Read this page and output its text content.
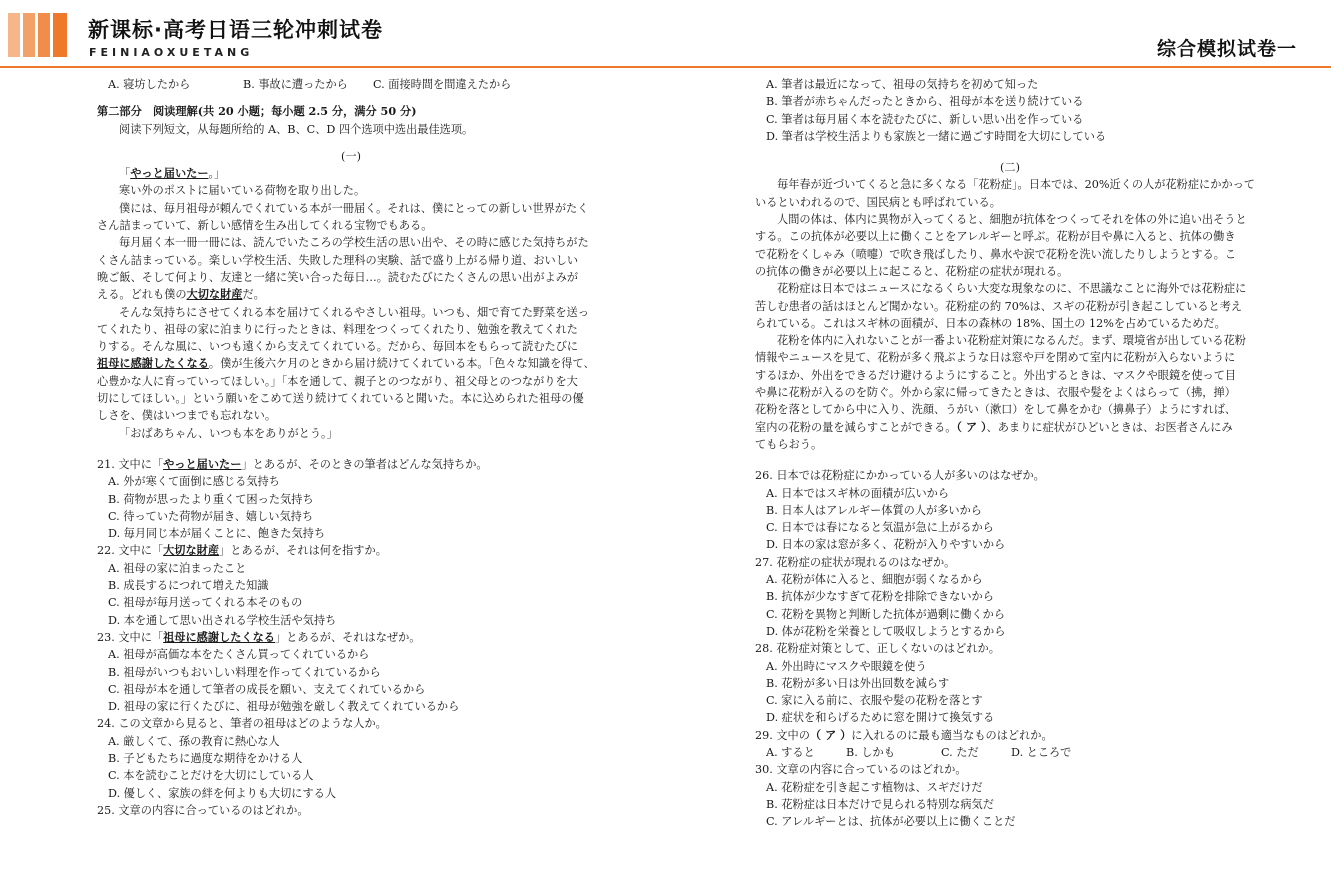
新课标·高考日语三轮冲刺试卷
FEINIAOXUETANG	综合模拟试卷一
A. 寝坊したから	B. 事故に遭ったから C. 面接時間を間違えたから
第二部分　阅读理解(共 20 小题；每小题 2.5 分，满分 50 分)
阅读下列短文，从每题所给的 A、B、C、D 四个选项中选出最佳选项。
(一)
「やっと届いたー。」
寒い外のポストに届いている荷物を取り出した。
僕には、毎月祖母が頼んでくれている本が一冊届く。それは、僕にとっての新しい世界がたく
さん詰まっていて、新しい感情を生み出してくれる宝物でもある。
毎月届く本一冊一冊には、読んでいたころの学校生活の思い出や、その時に感じた気持ちがた
くさん詰まっている。楽しい学校生活、失敗した理科の実験、話で盛り上がる帰り道、おいしい
晩ご飯、そして何より、友達と一緒に笑い合った毎日…。読むたびにたくさんの思い出がよみが
える。どれも僕の大切な財産だ。
そんな気持ちにさせてくれる本を届けてくれるやさしい祖母。いつも、畑で育てた野菜を送っ
てくれたり、祖母の家に泊まりに行ったときは、料理をつくってくれたり、勉強を教えてくれた
りする。そんな風に、いつも遠くから支えてくれている。だから、毎回本をもらって読むたびに
祖母に感謝したくなる。僕が生後六ケ月のときから届け続けてくれている本。「色々な知識を得て、
心豊かな人に育っていってほしい。」「本を通して、親子とのつながり、祖父母とのつながりを大
切にしてほしい。」という願いをこめて送り続けてくれていると聞いた。本に込められた祖母の優
しさを、僕はいつまでも忘れない。
「おばあちゃん、いつも本をありがとう。」
21. 文中に「やっと届いたー」とあるが、そのときの筆者はどんな気持ちか。
A. 外が寒くて面倒に感じる気持ち
B. 荷物が思ったより重くて困った気持ち
C. 待っていた荷物が届き、嬉しい気持ち
D. 毎月同じ本が届くことに、飽きた気持ち
22. 文中に「大切な財産」とあるが、それは何を指すか。
A. 祖母の家に泊まったこと
B. 成長するにつれて増えた知識
C. 祖母が毎月送ってくれる本そのもの
D. 本を通して思い出される学校生活や気持ち
23. 文中に「祖母に感謝したくなる」とあるが、それはなぜか。
A. 祖母が高価な本をたくさん買ってくれているから
B. 祖母がいつもおいしい料理を作ってくれているから
C. 祖母が本を通して筆者の成長を願い、支えてくれているから
D. 祖母の家に行くたびに、祖母が勉強を厳しく教えてくれているから
24. この文章から見ると、筆者の祖母はどのような人か。
A. 厳しくて、孫の教育に熱心な人
B. 子どもたちに過度な期待をかける人
C. 本を読むことだけを大切にしている人
D. 優しく、家族の絆を何よりも大切にする人
25. 文章の内容に合っているのはどれか。
A. 筆者は最近になって、祖母の気持ちを初めて知った
B. 筆者が赤ちゃんだったときから、祖母が本を送り続けている
C. 筆者は毎月届く本を読むたびに、新しい思い出を作っている
D. 筆者は学校生活よりも家族と一緒に過ごす時間を大切にしている
(二)
毎年春が近づいてくると急に多くなる「花粉症」。日本では、20%近くの人が花粉症にかかって
いるといわれるので、国民病とも呼ばれている。
人間の体は、体内に異物が入ってくると、細胞が抗体をつくってそれを体の外に追い出そうと
する。この抗体が必要以上に働くことをアレルギーと呼ぶ。花粉が目や鼻に入ると、抗体の働き
で花粉をくしゃみ（喷嚏）で吹き飛ばしたり、鼻水や涙で花粉を洗い流したりしようとする。こ
の抗体の働きが必要以上に起こると、花粉症の症状が現れる。
花粉症は日本ではニュースになるくらい大変な現象なのに、不思議なことに海外では花粉症に
苦しむ患者の話はほとんど聞かない。花粉症の約 70%は、スギの花粉が引き起こしていると考え
られている。これはスギ林の面積が、日本の森林の 18%、国土の 12%を占めているためだ。
花粉を体内に入れないことが一番よい花粉症対策になるんだ。まず、環境省が出している花粉
情報やニュースを見て、花粉が多く飛ぶような日は窓や戸を閉めて室内に花粉が入らないように
するほか、外出をできるだけ避けるようにすること。外出するときは、マスクや眼鏡を使って目
や鼻に花粉が入るのを防ぐ。外から家に帰ってきたときは、衣服や髪をよくはらって（拂，掸）
花粉を落としてから中に入り、洗顔、うがい（漱口）をして鼻をかむ（擤鼻子）ようにすれば、
室内の花粉の量を減らすことができる。（ ア ）、あまりに症状がひどいときは、お医者さんにみ
てもらおう。
26. 日本では花粉症にかかっている人が多いのはなぜか。
A. 日本ではスギ林の面積が広いから
B. 日本人はアレルギー体質の人が多いから
C. 日本では春になると気温が急に上がるから
D. 日本の家は窓が多く、花粉が入りやすいから
27. 花粉症の症状が現れるのはなぜか。
A. 花粉が体に入ると、細胞が弱くなるから
B. 抗体が少なすぎて花粉を排除できないから
C. 花粉を異物と判断した抗体が過剰に働くから
D. 体が花粉を栄養として吸収しようとするから
28. 花粉症対策として、正しくないのはどれか。
A. 外出時にマスクや眼鏡を使う
B. 花粉が多い日は外出回数を減らす
C. 家に入る前に、衣服や髪の花粉を落とす
D. 症状を和らげるために窓を開けて換気する
29. 文中の（ ア ）に入れるのに最も適当なものはどれか。
A. すると	B. しかも	C. ただ	D. ところで
30. 文章の内容に合っているのはどれか。
A. 花粉症を引き起こす植物は、スギだけだ
B. 花粉症は日本だけで見られる特別な病気だ
C. アレルギーとは、抗体が必要以上に働くことだ
